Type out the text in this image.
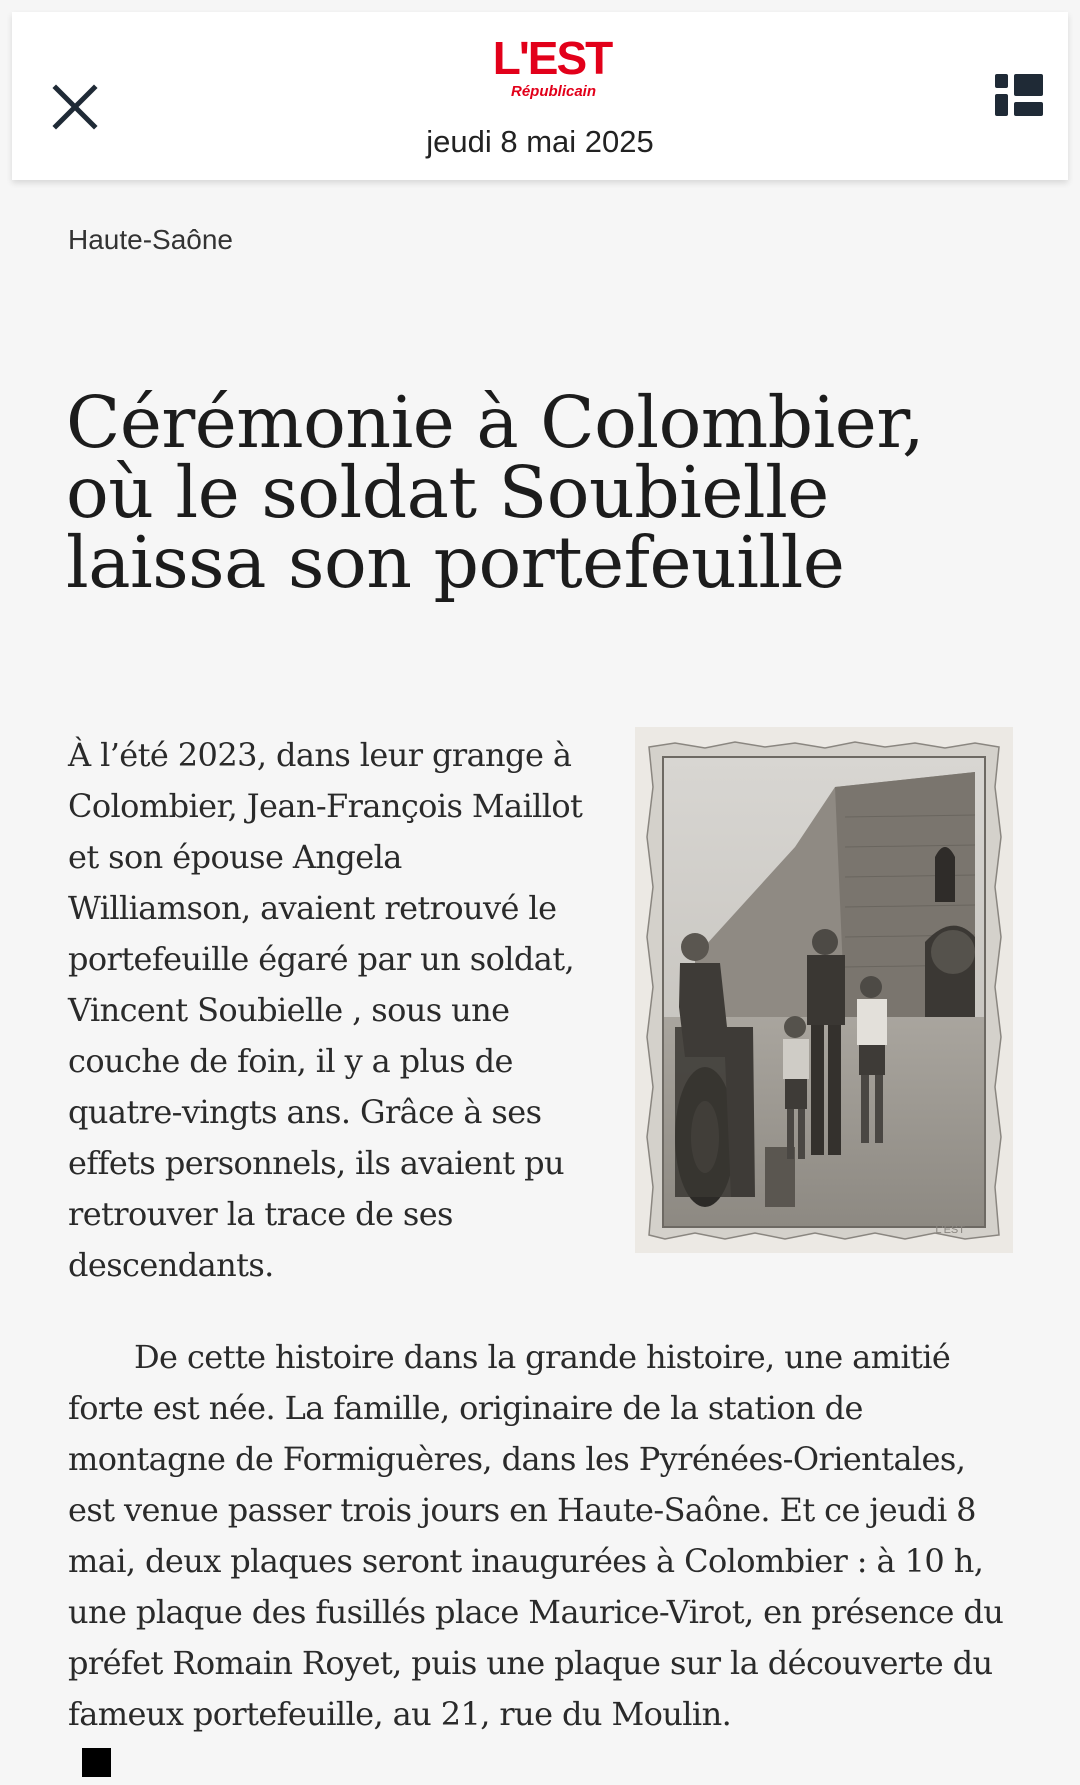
L'EST
Républicain
jeudi 8 mai 2025
Haute-Saône
Cérémonie à Colombier, où le soldat Soubielle laissa son portefeuille

À l’été 2023, dans leur grange à Colombier, Jean-François Maillot et son épouse Angela Williamson, avaient retrouvé le portefeuille égaré par un soldat, Vincent Soubielle , sous une couche de foin, il y a plus de quatre-vingts ans. Grâce à ses effets personnels, ils avaient pu retrouver la trace de ses descendants.

L'EST

De cette histoire dans la grande histoire, une amitié forte est née. La famille, originaire de la station de montagne de Formiguères, dans les Pyrénées-Orientales, est venue passer trois jours en Haute-Saône. Et ce jeudi 8 mai, deux plaques seront inaugurées à Colombier : à 10 h, une plaque des fusillés place Maurice-Virot, en présence du préfet Romain Royet, puis une plaque sur la découverte du fameux portefeuille, au 21, rue du Moulin.
